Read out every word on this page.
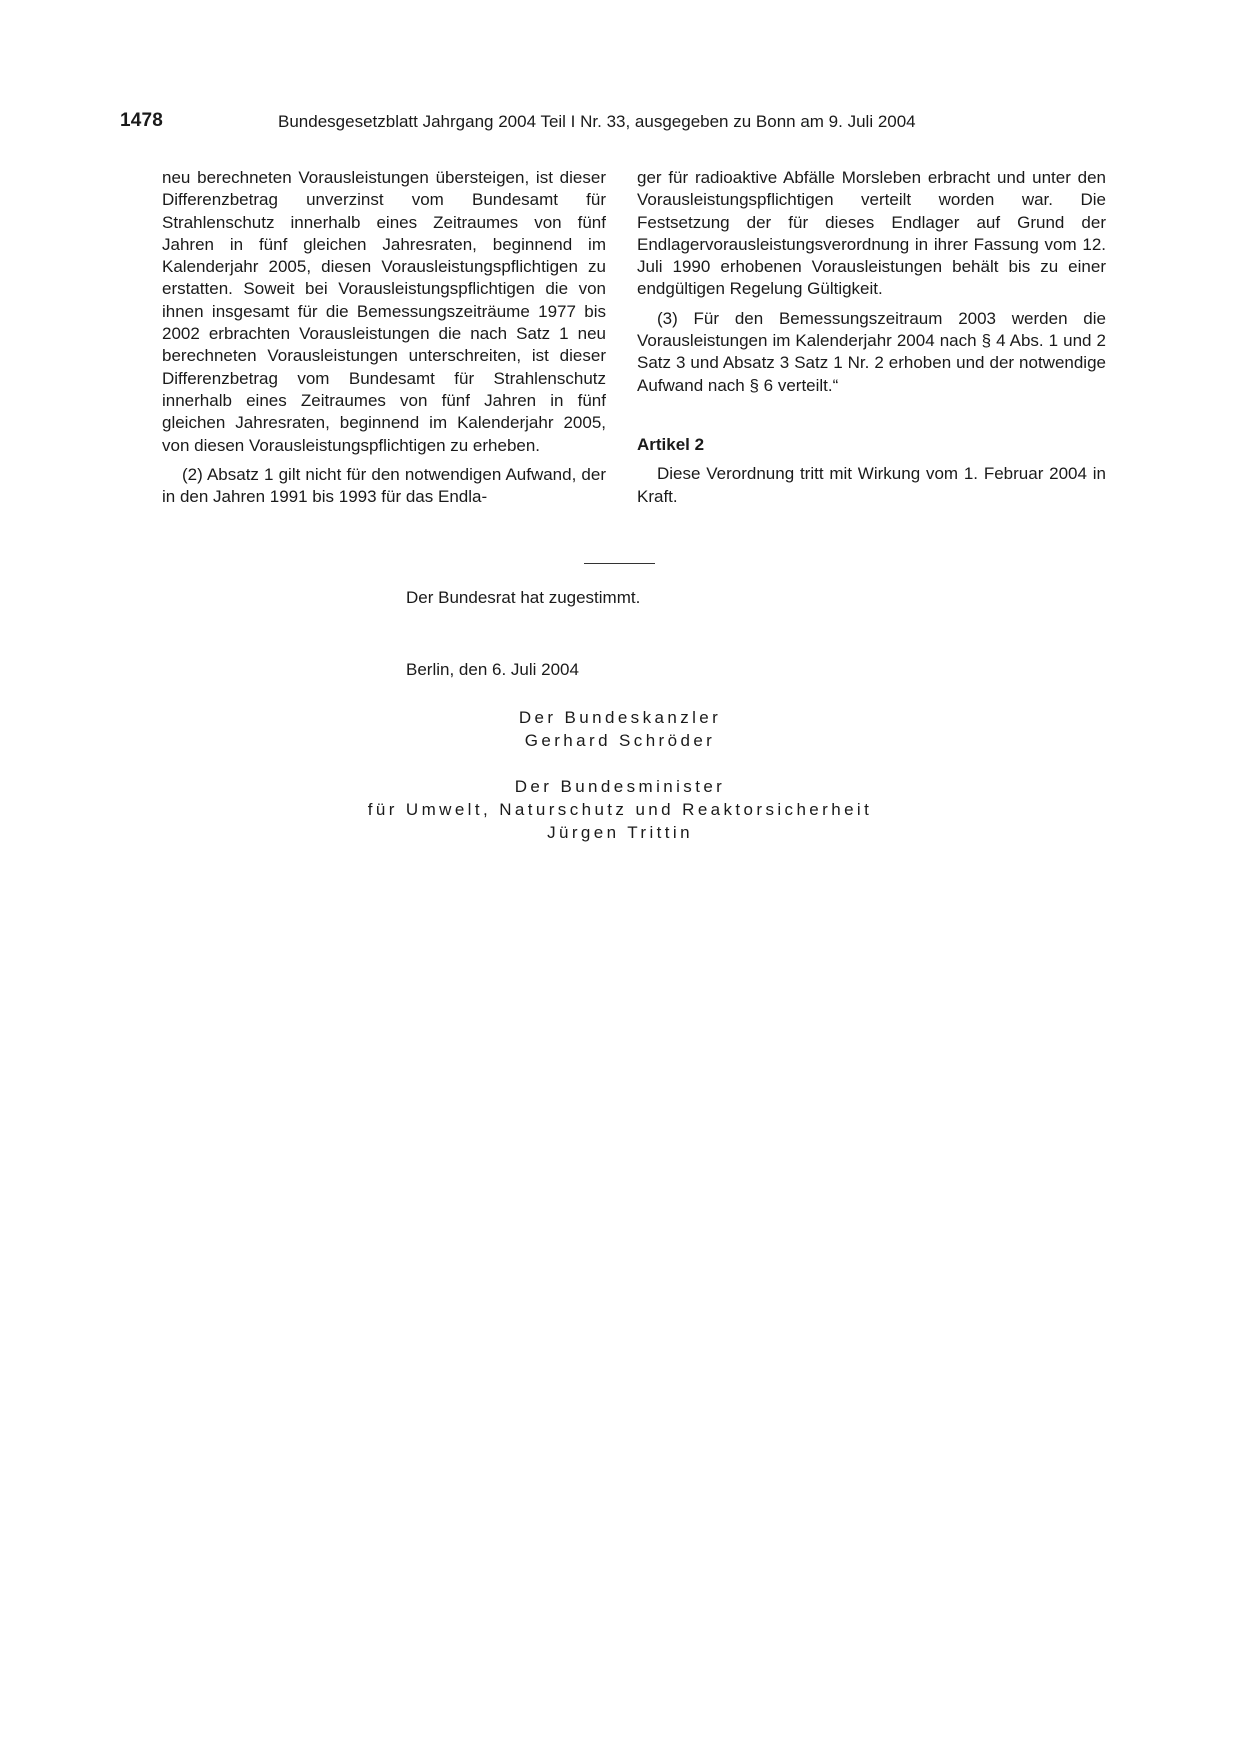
1478	Bundesgesetzblatt Jahrgang 2004 Teil I Nr. 33, ausgegeben zu Bonn am 9. Juli 2004

neu berechneten Vorausleistungen übersteigen, ist dieser Differenzbetrag unverzinst vom Bundesamt für Strahlenschutz innerhalb eines Zeitraumes von fünf Jahren in fünf gleichen Jahresraten, beginnend im Kalenderjahr 2005, diesen Vorausleistungspflichtigen zu erstatten. Soweit bei Vorausleistungspflichtigen die von ihnen insgesamt für die Bemessungszeiträume 1977 bis 2002 erbrachten Vorausleistungen die nach Satz 1 neu berechneten Vorausleistungen unterschreiten, ist dieser Differenzbetrag vom Bundesamt für Strahlenschutz innerhalb eines Zeitraumes von fünf Jahren in fünf gleichen Jahresraten, beginnend im Kalenderjahr 2005, von diesen Vorausleistungspflichtigen zu erheben.

(2) Absatz 1 gilt nicht für den notwendigen Aufwand, der in den Jahren 1991 bis 1993 für das Endla-

ger für radioaktive Abfälle Morsleben erbracht und unter den Vorausleistungspflichtigen verteilt worden war. Die Festsetzung der für dieses Endlager auf Grund der Endlagervorausleistungsverordnung in ihrer Fassung vom 12. Juli 1990 erhobenen Vorausleistungen behält bis zu einer endgültigen Regelung Gültigkeit.

(3) Für den Bemessungszeitraum 2003 werden die Vorausleistungen im Kalenderjahr 2004 nach § 4 Abs. 1 und 2 Satz 3 und Absatz 3 Satz 1 Nr. 2 erhoben und der notwendige Aufwand nach § 6 verteilt.“

Artikel 2

Diese Verordnung tritt mit Wirkung vom 1. Februar 2004 in Kraft.

Der Bundesrat hat zugestimmt.
Berlin, den 6. Juli 2004
Der Bundeskanzler
Gerhard Schröder
Der Bundesminister
für Umwelt, Naturschutz und Reaktorsicherheit
Jürgen Trittin
